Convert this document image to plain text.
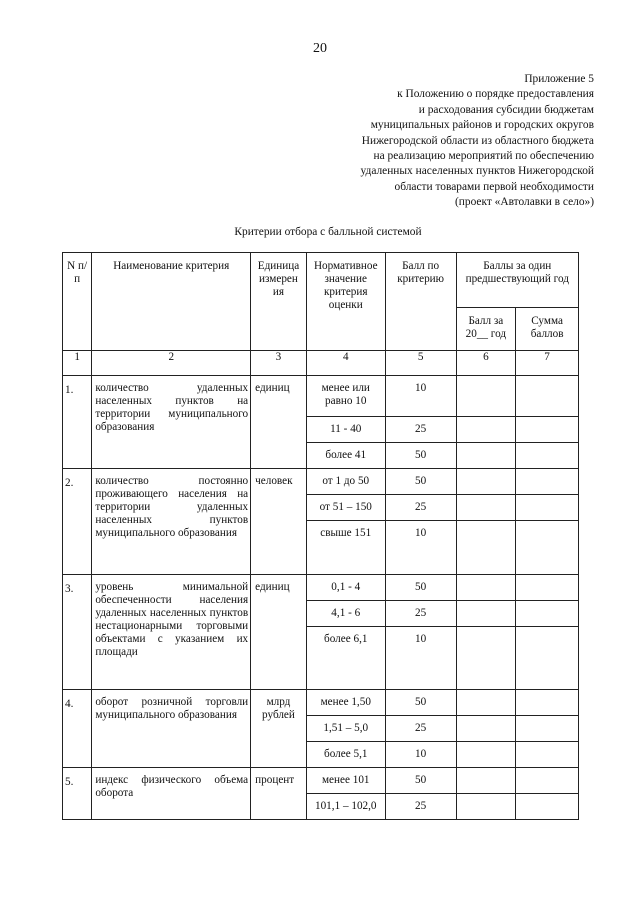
20
Приложение 5
к Положению о порядке предоставления
и расходования субсидии бюджетам
муниципальных районов и городских округов
Нижегородской области из областного бюджета
на реализацию мероприятий по обеспечению
удаленных населенных пунктов Нижегородской
области товарами первой необходимости
(проект «Автолавки в село»)
Критерии отбора с балльной системой
N п/п	Наименование критерия	Единица измерен ия	Нормативное значение критерия оценки	Балл по критерию	Баллы за один предшествующий год	
					Балл за 20__ год	Сумма баллов
1	2	3	4	5	6	7
1.	количество удаленных населенных пунктов на территории муниципального образования	единиц	менее или равно 10	10		
			11 - 40	25		
			более 41	50		
2.	количество постоянно проживающего населения на территории удаленных населенных пунктов муниципального образования	человек	от 1 до 50	50		
			от 51 – 150	25		
			свыше 151	10		
3.	уровень минимальной обеспеченности населения удаленных населенных пунктов нестационарными торговыми объектами с указанием их площади	единиц	0,1 - 4	50		
			4,1 - 6	25		
			более 6,1	10		
4.	оборот розничной торговли муниципального образования	млрд рублей	менее 1,50	50		
			1,51 – 5,0	25		
			более 5,1	10		
5.	индекс физического объема оборота	процент	менее 101	50		
			101,1 – 102,0	25		
